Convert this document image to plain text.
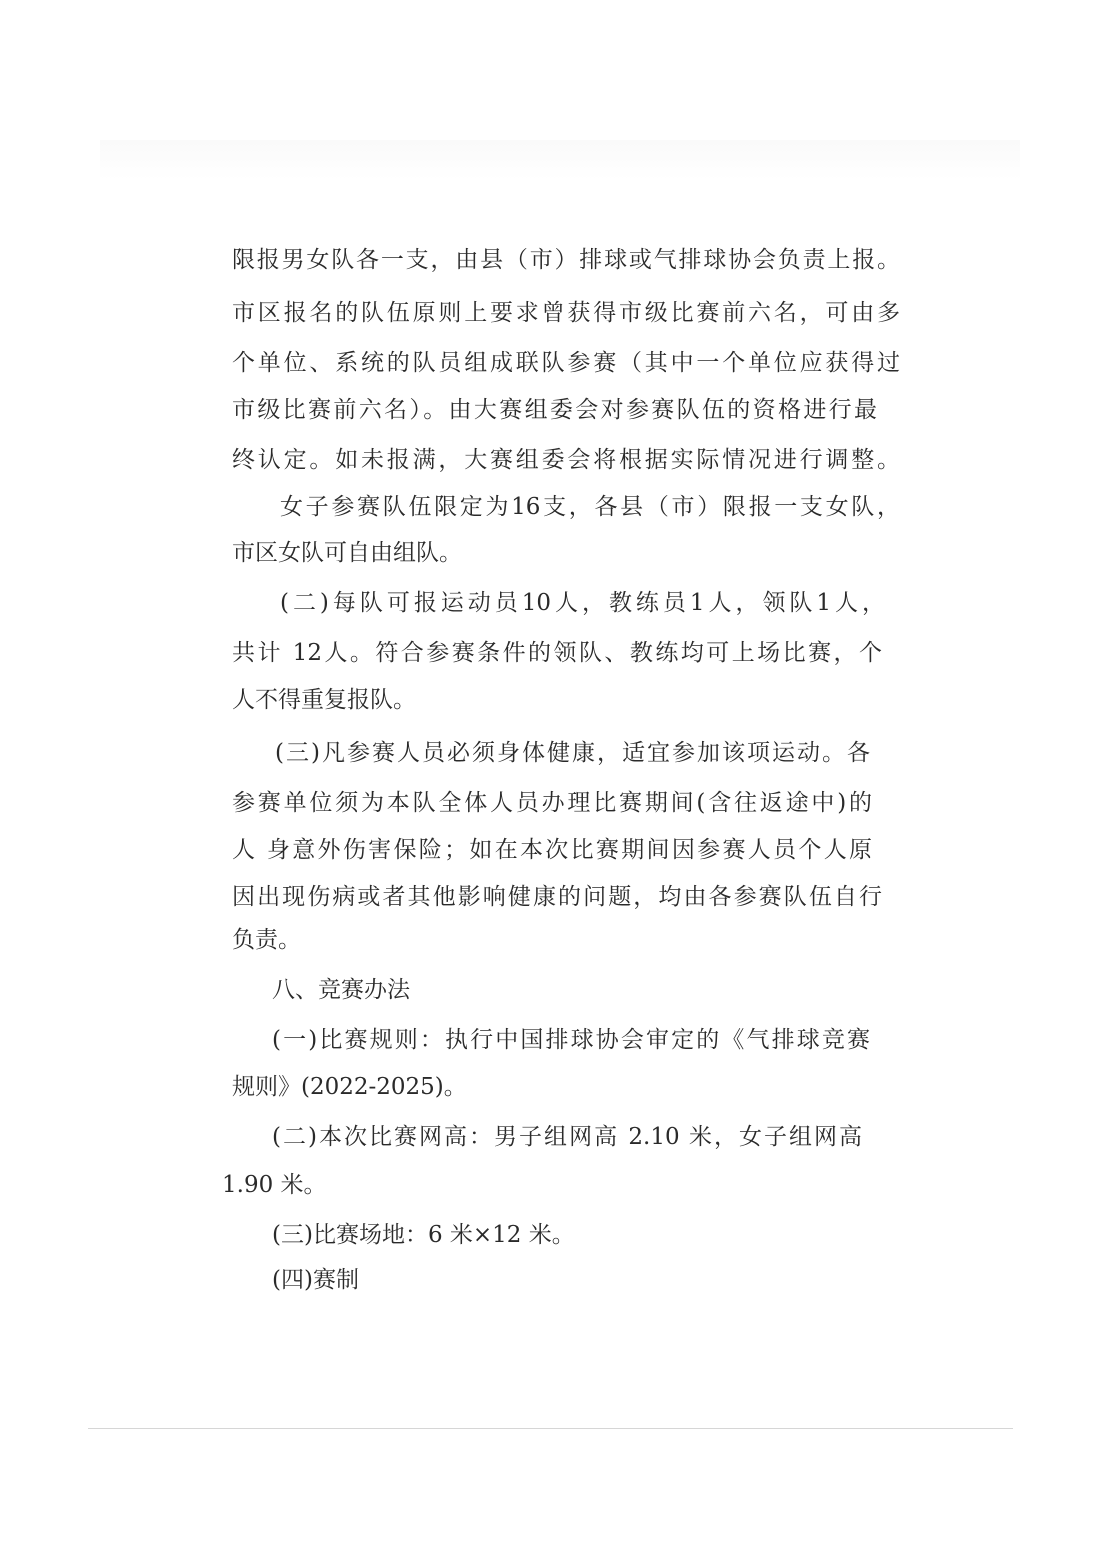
限报男女队各一支，由县（市）排球或气排球协会负责上报。
市区报名的队伍原则上要求曾获得市级比赛前六名，可由多
个单位、系统的队员组成联队参赛（其中一个单位应获得过
市级比赛前六名）。由大赛组委会对参赛队伍的资格进行最
终认定。如未报满，大赛组委会将根据实际情况进行调整。
女子参赛队伍限定为16支，各县（市）限报一支女队，
市区女队可自由组队。
(二)每队可报运动员10人，教练员1人，领队1人，
共计 12人。符合参赛条件的领队、教练均可上场比赛，个
人不得重复报队。
(三)凡参赛人员必须身体健康，适宜参加该项运动。各
参赛单位须为本队全体人员办理比赛期间(含往返途中)的
人 身意外伤害保险；如在本次比赛期间因参赛人员个人原
因出现伤病或者其他影响健康的问题，均由各参赛队伍自行
负责。
八、竞赛办法
(一)比赛规则：执行中国排球协会审定的《气排球竞赛
规则》(2022-2025)。
(二)本次比赛网高：男子组网高 2.10 米，女子组网高
1.90 米。
(三)比赛场地：6 米×12 米。
(四)赛制
